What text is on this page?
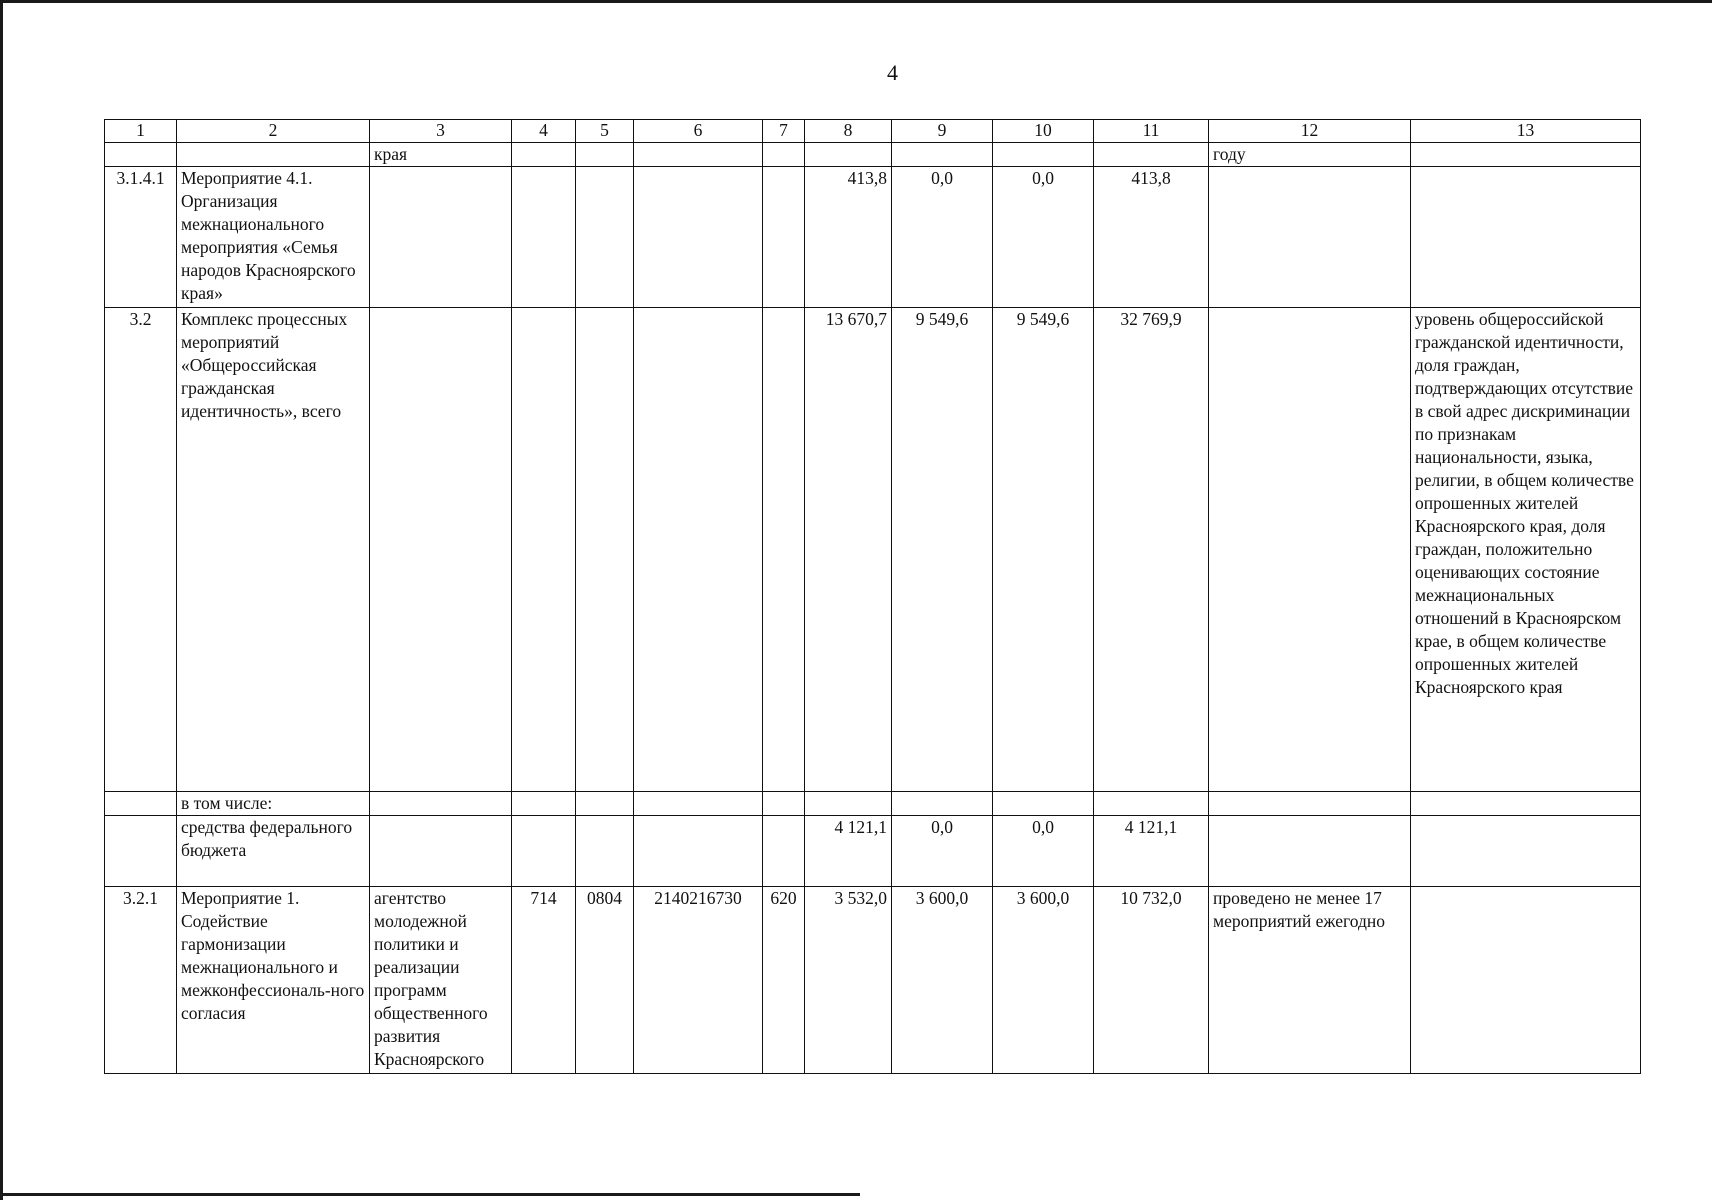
4
1	2	3	4	5	6	7	8	9	10	11	12	13
		края									году	
3.1.4.1	Мероприятие 4.1. Организация межнационального мероприятия «Семья народов Красноярского края»						413,8	0,0	0,0	413,8		
3.2	Комплекс процессных мероприятий «Общероссийская гражданская идентичность», всего						13 670,7	9 549,6	9 549,6	32 769,9		уровень общероссийской гражданской идентичности, доля граждан, подтверждающих отсутствие в свой адрес дискриминации по признакам национальности, языка, религии, в общем количестве опрошенных жителей Красноярского края, доля граждан, положительно оценивающих состояние межнациональных отношений в Красноярском крае, в общем количестве опрошенных жителей Красноярского края
	в том числе:											
	средства федерального бюджета						4 121,1	0,0	0,0	4 121,1		
3.2.1	Мероприятие 1. Содействие гармонизации межнационального и межконфессиональ-ного согласия	агентство молодежной политики и реализации программ общественного развития Красноярского	714	0804	2140216730	620	3 532,0	3 600,0	3 600,0	10 732,0	проведено не менее 17 мероприятий ежегодно	
